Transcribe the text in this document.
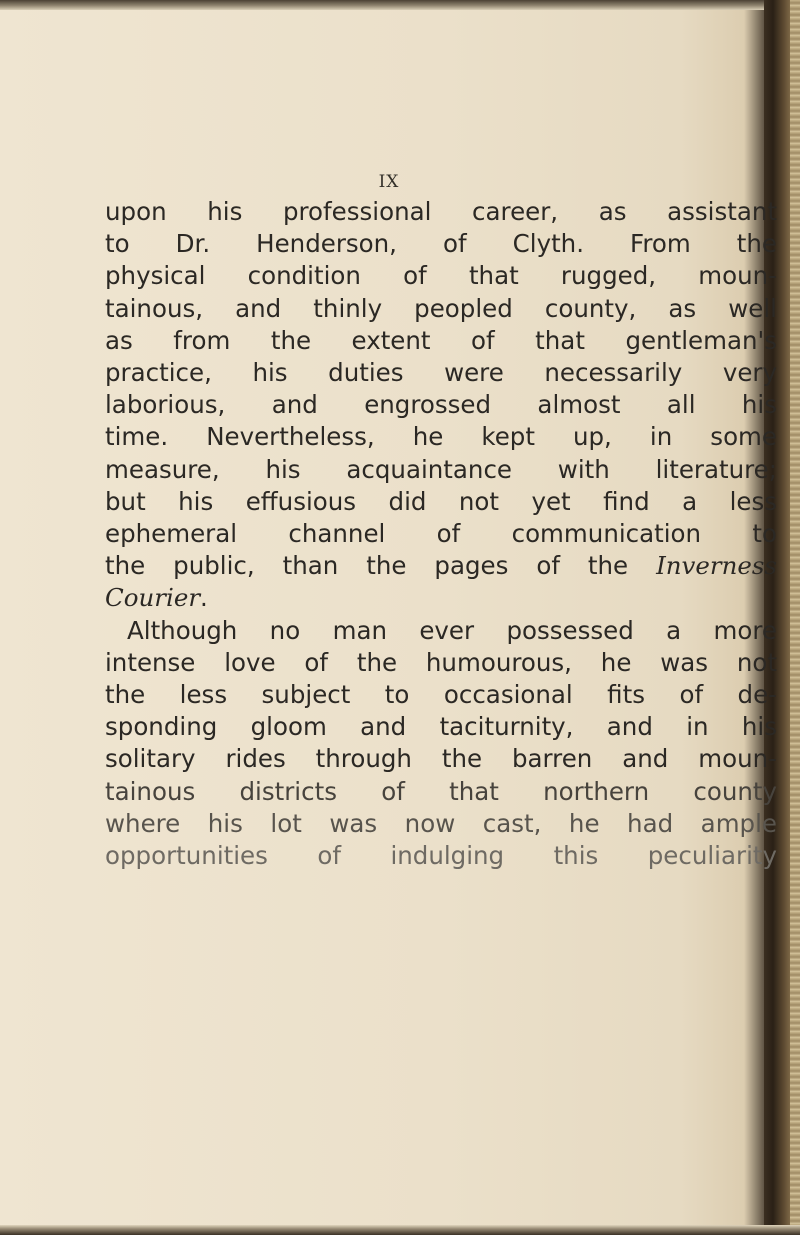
IX

upon his professional career, as assistant
to Dr. Henderson, of Clyth. From the
physical condition of that rugged, moun-
tainous, and thinly peopled county, as well
as from the extent of that gentleman's
practice, his duties were necessarily very
laborious, and engrossed almost all his
time. Nevertheless, he kept up, in some
measure, his acquaintance with literature;
but his effusious did not yet find a less
ephemeral channel of communication to
the public, than the pages of the Inverness
Courier.

Although no man ever possessed a more
intense love of the humourous, he was not
the less subject to occasional fits of de-
sponding gloom and taciturnity, and in his
solitary rides through the barren and moun-
tainous districts of that northern county
where his lot was now cast, he had ample
opportunities of indulging this peculiarity
